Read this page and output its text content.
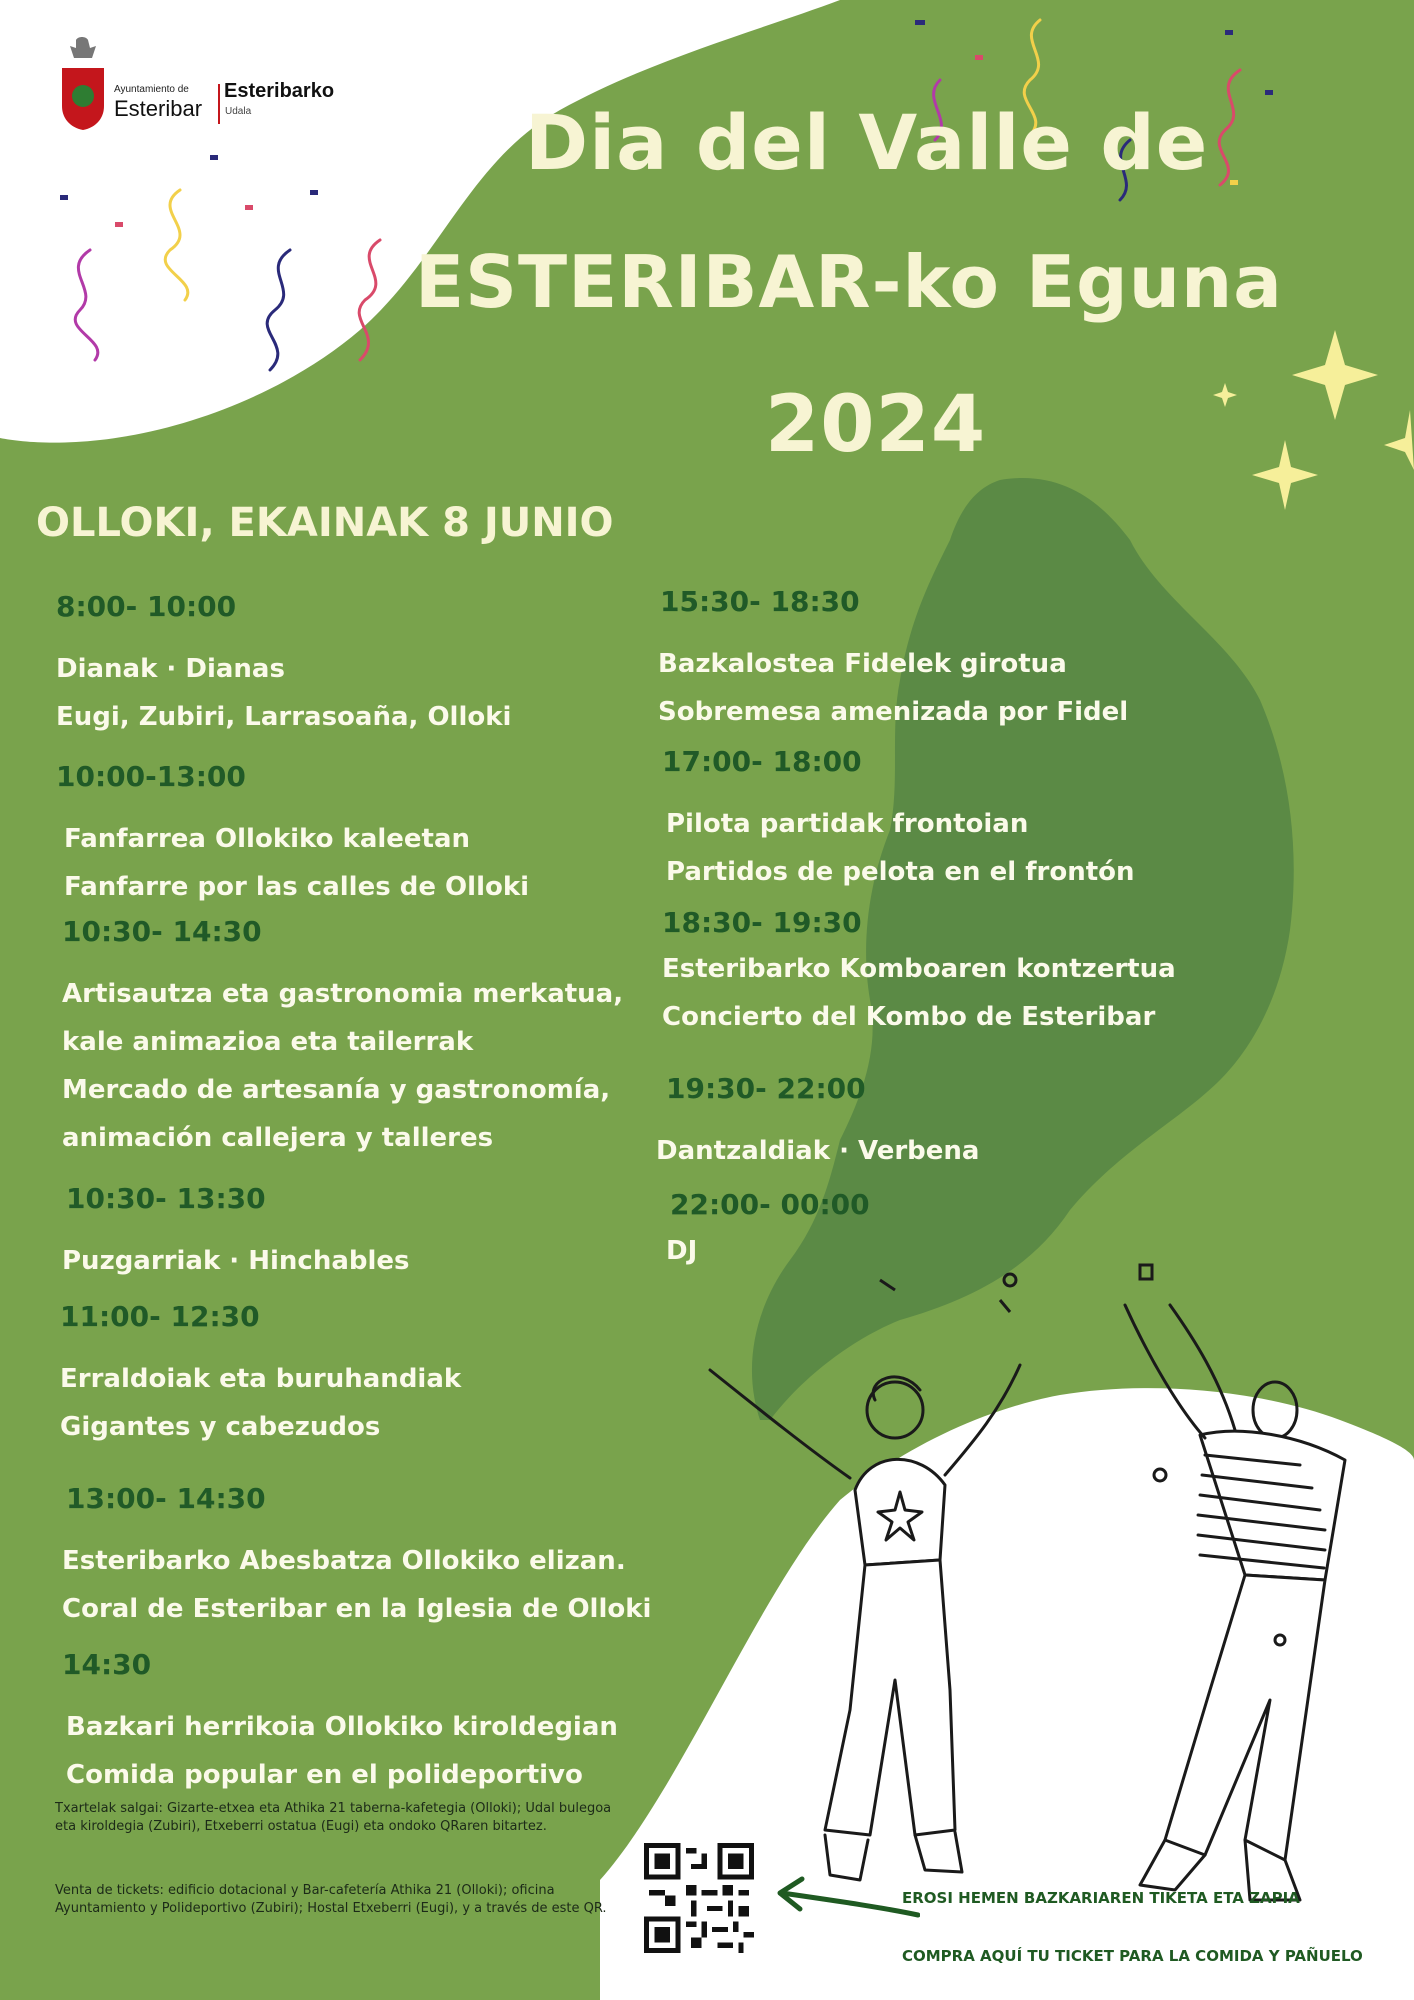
Ayuntamiento de
Esteribar
Esteribarko
Udala	Dia del Valle de
ESTERIBAR-ko Eguna
2024
OLLOKI, EKAINAK 8 JUNIO
8:00- 10:00
Dianak · Dianas
Eugi, Zubiri, Larrasoaña, Olloki
10:00-13:00
Fanfarrea Ollokiko kaleetan
Fanfarre por las calles de Olloki
10:30- 14:30
Artisautza eta gastronomia merkatua,
kale animazioa eta tailerrak
Mercado de artesanía y gastronomía,
animación callejera y talleres
10:30- 13:30
Puzgarriak · Hinchables
11:00- 12:30
Erraldoiak eta buruhandiak
Gigantes y cabezudos
13:00- 14:30
Esteribarko Abesbatza Ollokiko elizan.
Coral de Esteribar en la Iglesia de Olloki
14:30
Bazkari herrikoia Ollokiko kiroldegian
Comida popular en el polideportivo
15:30- 18:30
Bazkalostea Fidelek girotua
Sobremesa amenizada por Fidel
17:00- 18:00
Pilota partidak frontoian
Partidos de pelota en el frontón
18:30- 19:30
Esteribarko Komboaren kontzertua
Concierto del Kombo de Esteribar
19:30- 22:00
Dantzaldiak · Verbena
22:00- 00:00
DJ
Txartelak salgai: Gizarte-etxea eta Athika 21 taberna-kafetegia (Olloki); Udal bulegoa eta kiroldegia (Zubiri), Etxeberri ostatua (Eugi) eta ondoko QRaren bitartez.
Venta de tickets: edificio dotacional y Bar-cafetería Athika 21 (Olloki); oficina Ayuntamiento y Polideportivo (Zubiri); Hostal Etxeberri (Eugi), y a través de este QR.
EROSI HEMEN BAZKARIAREN TIKETA ETA ZAPIA
COMPRA AQUÍ TU TICKET PARA LA COMIDA Y PAÑUELO
